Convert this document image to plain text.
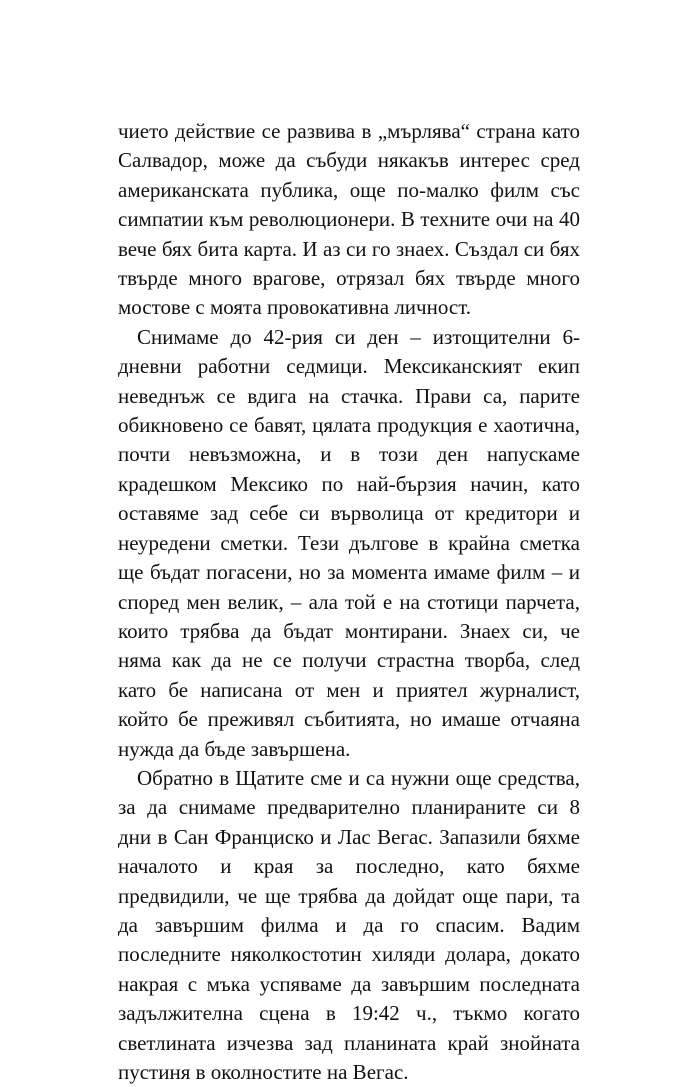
чието действие се развива в „мърлява“ страна като Салвадор, може да събуди някакъв интерес сред американската публика, още по-малко филм със симпатии към революционери. В техните очи на 40 вече бях бита карта. И аз си го знаех. Създал си бях твърде много врагове, отрязал бях твърде много мостове с моята провокативна личност.

Снимаме до 42-рия си ден – изтощителни 6-дневни работни седмици. Мексиканският екип неведнъж се вдига на стачка. Прави са, парите обикновено се бавят, цялата продукция е хаотична, почти невъзможна, и в този ден напускаме крадешком Мексико по най-бързия начин, като оставяме зад себе си върволица от кредитори и неуредени сметки. Тези дългове в крайна сметка ще бъдат погасени, но за момента имаме филм – и според мен велик, – ала той е на стотици парчета, които трябва да бъдат монтирани. Знаех си, че няма как да не се получи страстна творба, след като бе написана от мен и приятел журналист, който бе преживял събитията, но имаше отчаяна нужда да бъде завършена.

Обратно в Щатите сме и са нужни още средства, за да снимаме предварително планираните си 8 дни в Сан Франциско и Лас Вегас. Запазили бяхме началото и края за последно, като бяхме предвидили, че ще трябва да дойдат още пари, та да завършим филма и да го спасим. Вадим последните няколкостотин хиляди долара, докато накрая с мъка успяваме да завършим последната задължителна сцена в 19:42 ч., тъкмо когато светлината изчезва зад планината край знойната пустиня в околностите на Вегас.
